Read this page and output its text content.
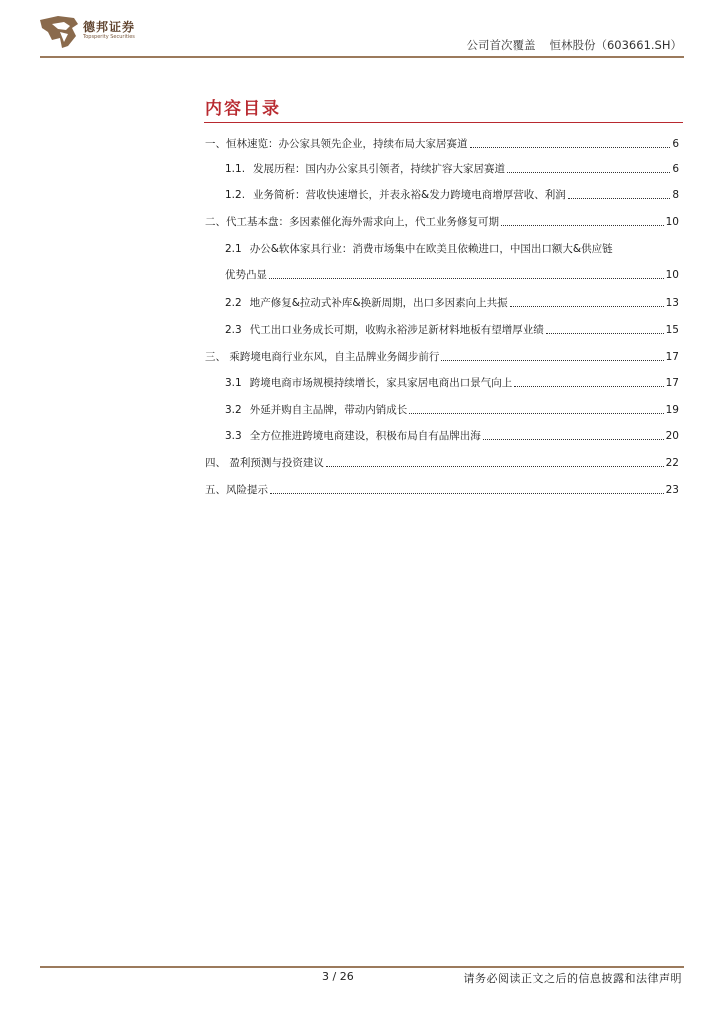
德邦证券
Topsperity Securities
公司首次覆盖 恒林股份（603661.SH）
内容目录
一、恒林速览：办公家具领先企业，持续布局大家居赛道	6
1.1. 发展历程：国内办公家具引领者，持续扩容大家居赛道	6
1.2. 业务简析：营收快速增长，并表永裕&发力跨境电商增厚营收、利润	8
二、代工基本盘：多因素催化海外需求向上，代工业务修复可期	10
2.1 办公&软体家具行业：消费市场集中在欧美且依赖进口，中国出口额大&供应链
优势凸显	10
2.2 地产修复&拉动式补库&换新周期，出口多因素向上共振	13
2.3 代工出口业务成长可期，收购永裕涉足新材料地板有望增厚业绩	15
三、 乘跨境电商行业东风，自主品牌业务阔步前行	17
3.1 跨境电商市场规模持续增长，家具家居电商出口景气向上	17
3.2 外延并购自主品牌，带动内销成长	19
3.3 全方位推进跨境电商建设，积极布局自有品牌出海	20
四、 盈利预测与投资建议	22
五、风险提示	23
3 / 26	请务必阅读正文之后的信息披露和法律声明
